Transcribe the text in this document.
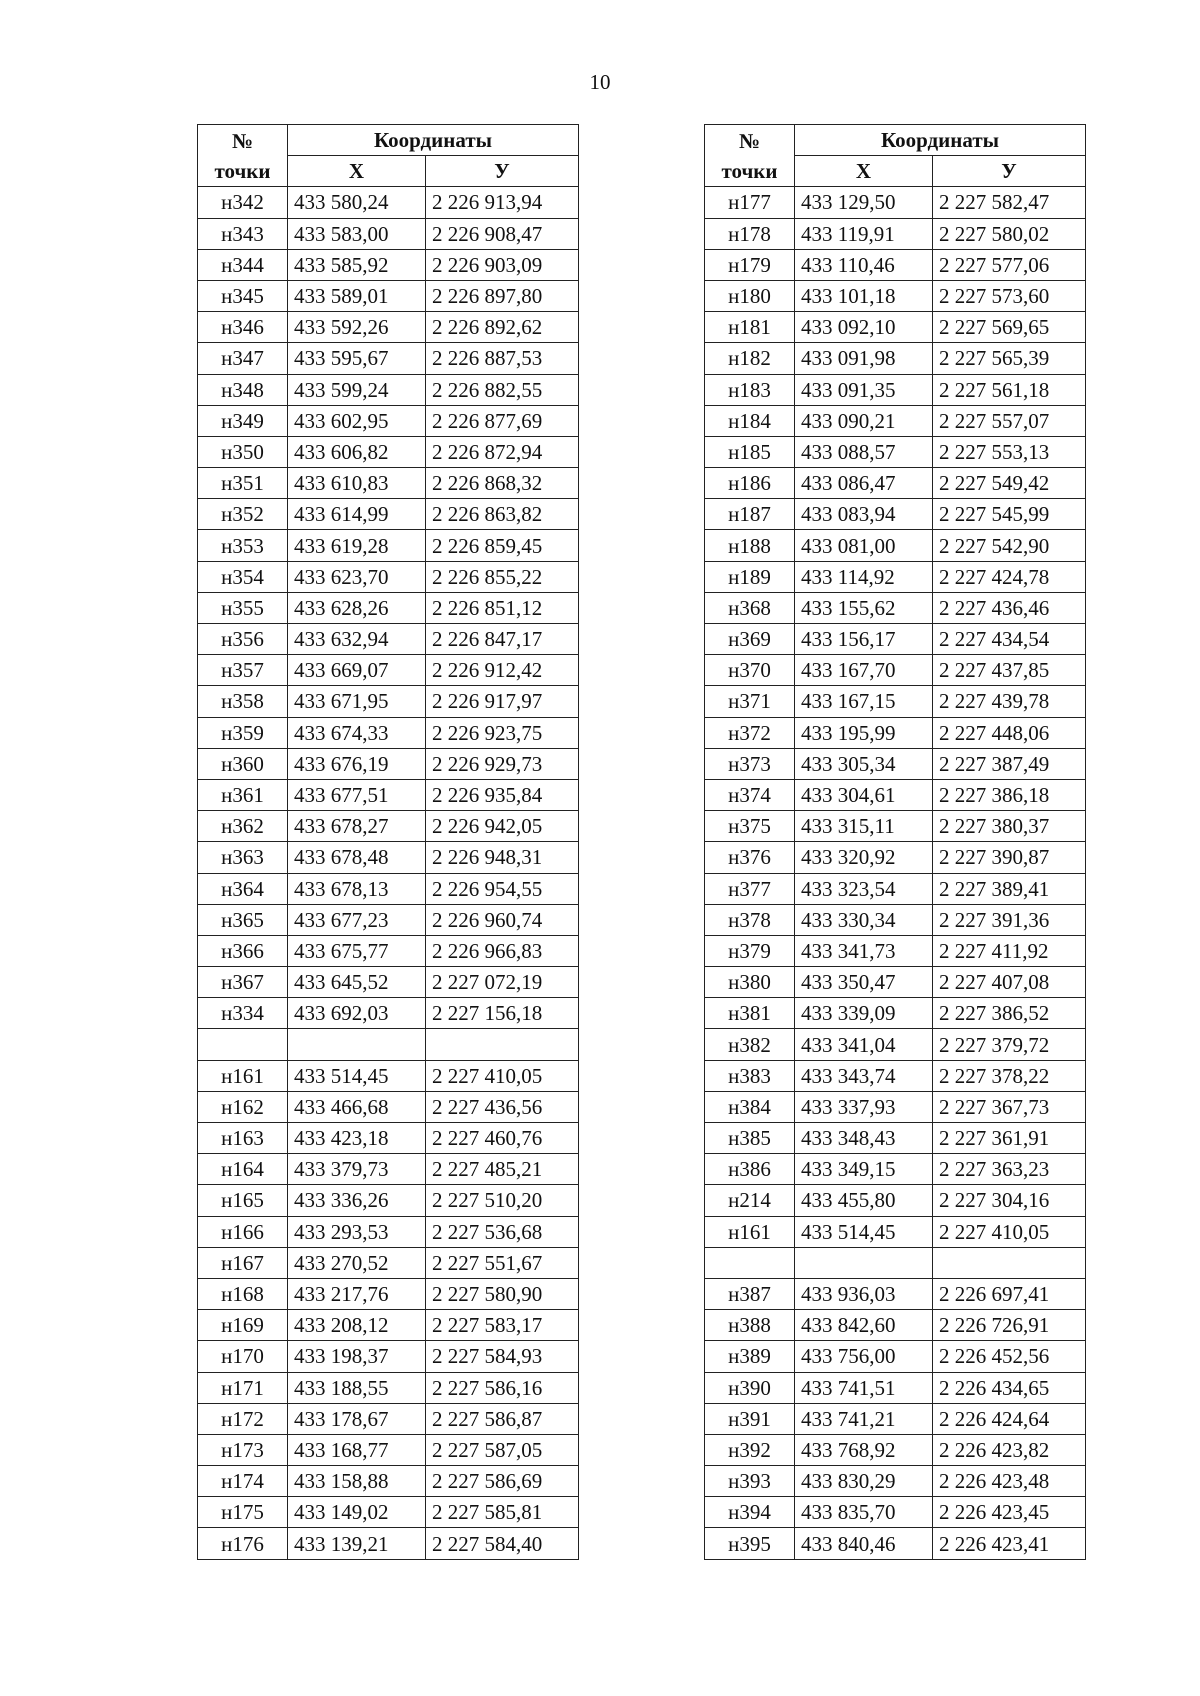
10
№
точки	Координаты	
	Х	У
н342	433 580,24	2 226 913,94
н343	433 583,00	2 226 908,47
н344	433 585,92	2 226 903,09
н345	433 589,01	2 226 897,80
н346	433 592,26	2 226 892,62
н347	433 595,67	2 226 887,53
н348	433 599,24	2 226 882,55
н349	433 602,95	2 226 877,69
н350	433 606,82	2 226 872,94
н351	433 610,83	2 226 868,32
н352	433 614,99	2 226 863,82
н353	433 619,28	2 226 859,45
н354	433 623,70	2 226 855,22
н355	433 628,26	2 226 851,12
н356	433 632,94	2 226 847,17
н357	433 669,07	2 226 912,42
н358	433 671,95	2 226 917,97
н359	433 674,33	2 226 923,75
н360	433 676,19	2 226 929,73
н361	433 677,51	2 226 935,84
н362	433 678,27	2 226 942,05
н363	433 678,48	2 226 948,31
н364	433 678,13	2 226 954,55
н365	433 677,23	2 226 960,74
н366	433 675,77	2 226 966,83
н367	433 645,52	2 227 072,19
н334	433 692,03	2 227 156,18

н161	433 514,45	2 227 410,05
н162	433 466,68	2 227 436,56
н163	433 423,18	2 227 460,76
н164	433 379,73	2 227 485,21
н165	433 336,26	2 227 510,20
н166	433 293,53	2 227 536,68
н167	433 270,52	2 227 551,67
н168	433 217,76	2 227 580,90
н169	433 208,12	2 227 583,17
н170	433 198,37	2 227 584,93
н171	433 188,55	2 227 586,16
н172	433 178,67	2 227 586,87
н173	433 168,77	2 227 587,05
н174	433 158,88	2 227 586,69
н175	433 149,02	2 227 585,81
н176	433 139,21	2 227 584,40
№
точки	Координаты	
	Х	У
н177	433 129,50	2 227 582,47
н178	433 119,91	2 227 580,02
н179	433 110,46	2 227 577,06
н180	433 101,18	2 227 573,60
н181	433 092,10	2 227 569,65
н182	433 091,98	2 227 565,39
н183	433 091,35	2 227 561,18
н184	433 090,21	2 227 557,07
н185	433 088,57	2 227 553,13
н186	433 086,47	2 227 549,42
н187	433 083,94	2 227 545,99
н188	433 081,00	2 227 542,90
н189	433 114,92	2 227 424,78
н368	433 155,62	2 227 436,46
н369	433 156,17	2 227 434,54
н370	433 167,70	2 227 437,85
н371	433 167,15	2 227 439,78
н372	433 195,99	2 227 448,06
н373	433 305,34	2 227 387,49
н374	433 304,61	2 227 386,18
н375	433 315,11	2 227 380,37
н376	433 320,92	2 227 390,87
н377	433 323,54	2 227 389,41
н378	433 330,34	2 227 391,36
н379	433 341,73	2 227 411,92
н380	433 350,47	2 227 407,08
н381	433 339,09	2 227 386,52
н382	433 341,04	2 227 379,72
н383	433 343,74	2 227 378,22
н384	433 337,93	2 227 367,73
н385	433 348,43	2 227 361,91
н386	433 349,15	2 227 363,23
н214	433 455,80	2 227 304,16
н161	433 514,45	2 227 410,05

н387	433 936,03	2 226 697,41
н388	433 842,60	2 226 726,91
н389	433 756,00	2 226 452,56
н390	433 741,51	2 226 434,65
н391	433 741,21	2 226 424,64
н392	433 768,92	2 226 423,82
н393	433 830,29	2 226 423,48
н394	433 835,70	2 226 423,45
н395	433 840,46	2 226 423,41
